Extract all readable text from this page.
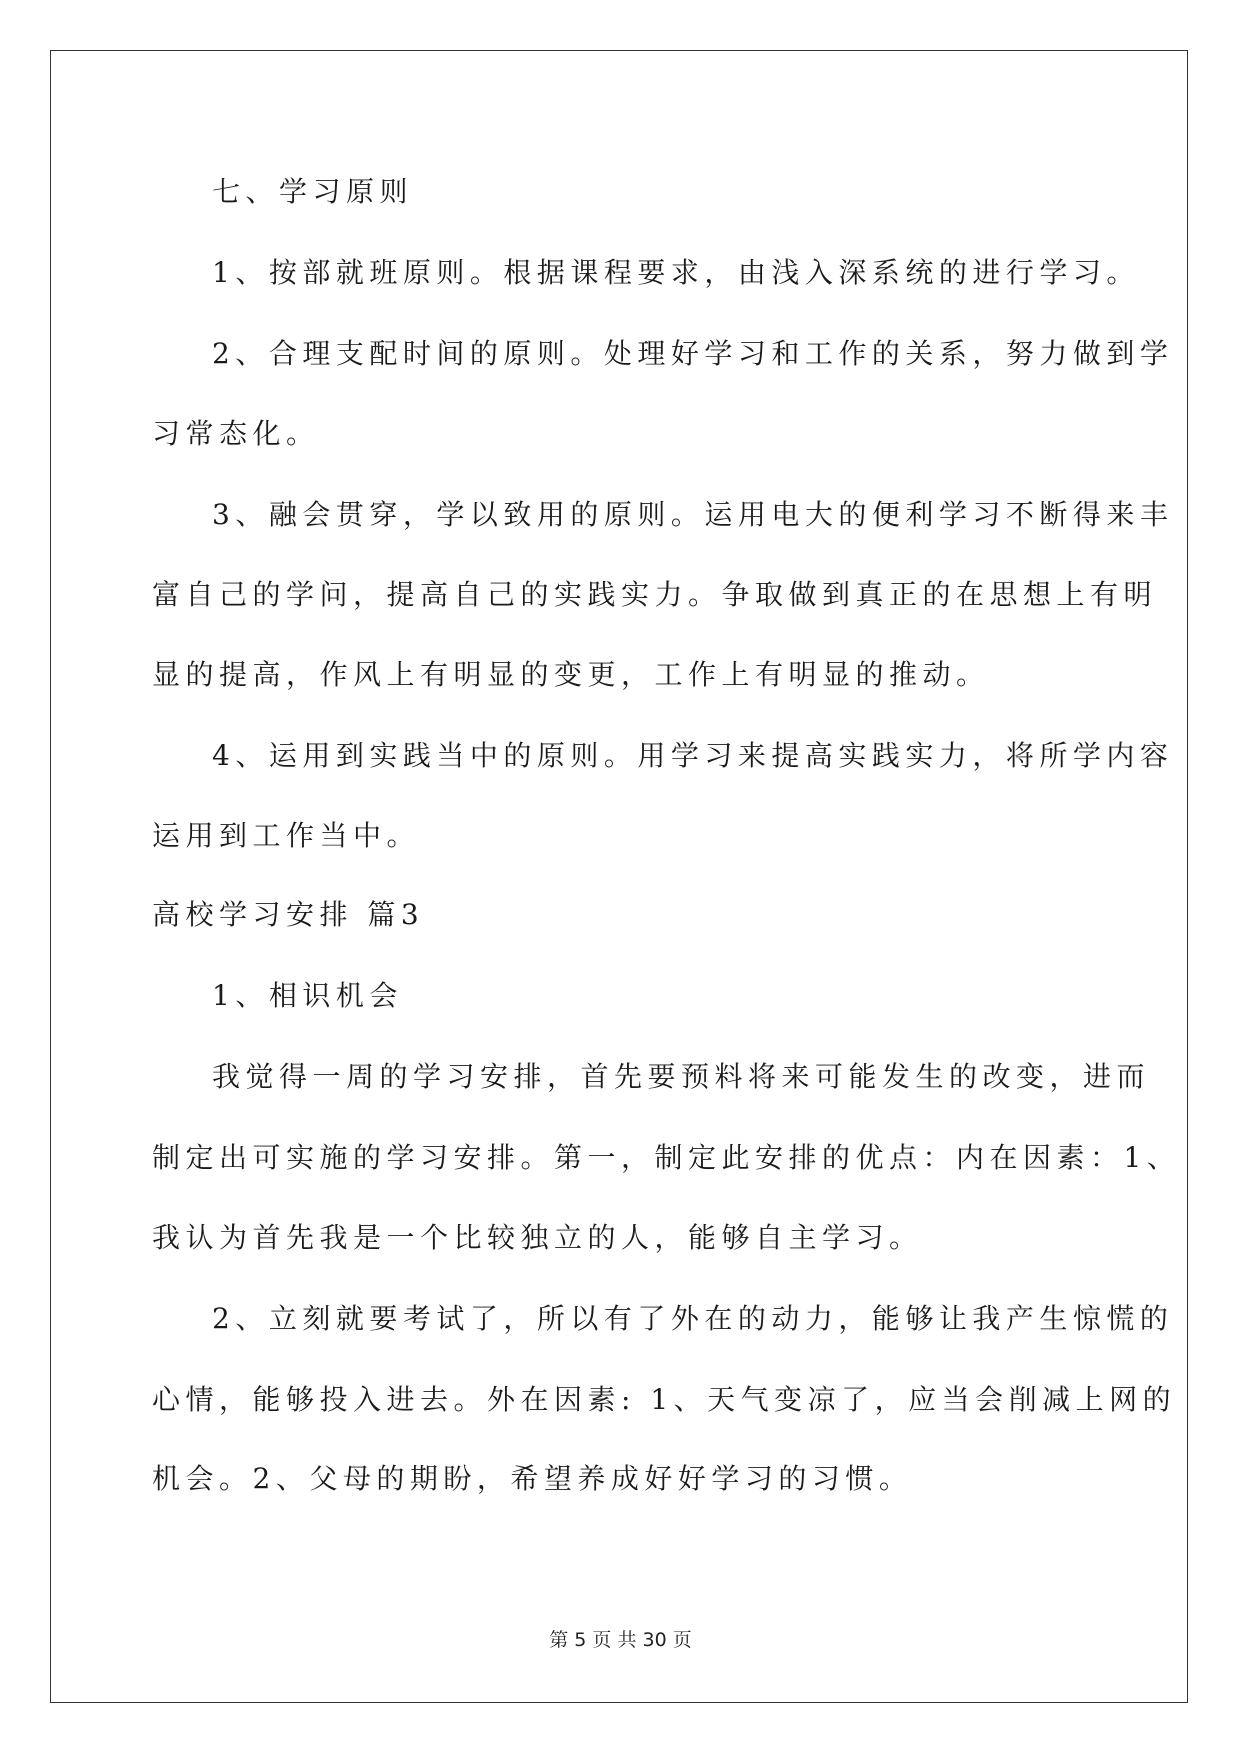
七、学习原则

1、按部就班原则。根据课程要求，由浅入深系统的进行学习。

2、合理支配时间的原则。处理好学习和工作的关系，努力做到学

习常态化。

3、融会贯穿，学以致用的原则。运用电大的便利学习不断得来丰

富自己的学问，提高自己的实践实力。争取做到真正的在思想上有明

显的提高，作风上有明显的变更，工作上有明显的推动。

4、运用到实践当中的原则。用学习来提高实践实力，将所学内容

运用到工作当中。

高校学习安排 篇3

1、相识机会

我觉得一周的学习安排，首先要预料将来可能发生的改变，进而

制定出可实施的学习安排。第一，制定此安排的优点：内在因素：1、

我认为首先我是一个比较独立的人，能够自主学习。

2、立刻就要考试了，所以有了外在的动力，能够让我产生惊慌的

心情，能够投入进去。外在因素: 1、天气变凉了，应当会削减上网的

机会。2、父母的期盼，希望养成好好学习的习惯。

第 5 页 共 30 页
